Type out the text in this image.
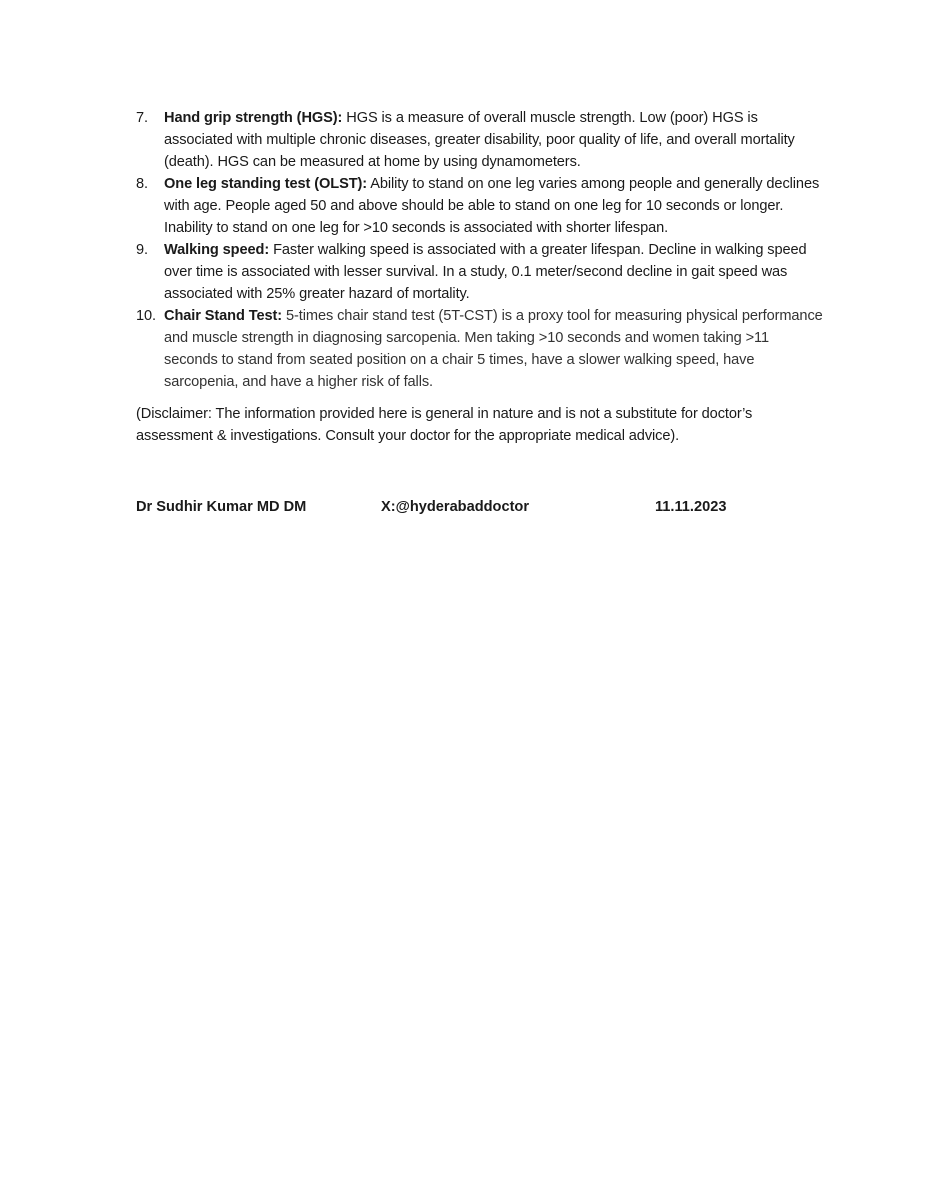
7.	Hand grip strength (HGS): HGS is a measure of overall muscle strength. Low (poor) HGS is associated with multiple chronic diseases, greater disability, poor quality of life, and overall mortality (death). HGS can be measured at home by using dynamometers.
8.	One leg standing test (OLST): Ability to stand on one leg varies among people and generally declines with age. People aged 50 and above should be able to stand on one leg for 10 seconds or longer. Inability to stand on one leg for >10 seconds is associated with shorter lifespan.
9.	Walking speed: Faster walking speed is associated with a greater lifespan. Decline in walking speed over time is associated with lesser survival. In a study, 0.1 meter/second decline in gait speed was associated with 25% greater hazard of mortality.
10. Chair Stand Test: 5-times chair stand test (5T-CST) is a proxy tool for measuring physical performance and muscle strength in diagnosing sarcopenia. Men taking >10 seconds and women taking >11 seconds to stand from seated position on a chair 5 times, have a slower walking speed, have sarcopenia, and have a higher risk of falls.
(Disclaimer: The information provided here is general in nature and is not a substitute for doctor’s assessment & investigations. Consult your doctor for the appropriate medical advice).
Dr Sudhir Kumar MD DM	X:@hyderabaddoctor	11.11.2023
